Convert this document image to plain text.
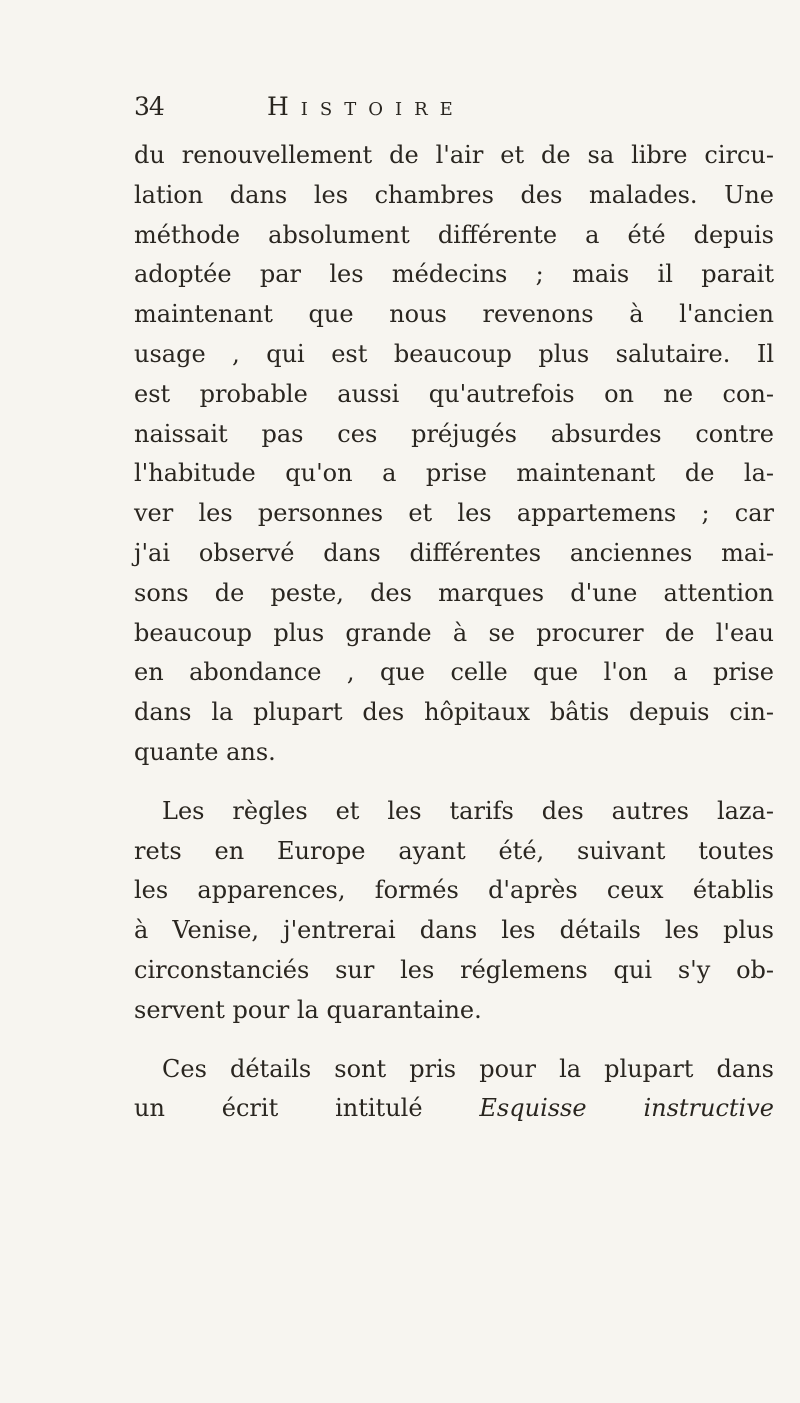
34	Histoire
du renouvellement de l'air et de sa libre circu-
lation dans les chambres des malades. Une
méthode absolument différente a été depuis
adoptée par les médecins ; mais il parait
maintenant que nous revenons à l'ancien
usage , qui est beaucoup plus salutaire. Il
est probable aussi qu'autrefois on ne con-
naissait pas ces préjugés absurdes contre
l'habitude qu'on a prise maintenant de la-
ver les personnes et les appartemens ; car
j'ai observé dans différentes anciennes mai-
sons de peste, des marques d'une attention
beaucoup plus grande à se procurer de l'eau
en abondance , que celle que l'on a prise
dans la plupart des hôpitaux bâtis depuis cin-
quante ans.
Les règles et les tarifs des autres laza-
rets en Europe ayant été, suivant toutes
les apparences, formés d'après ceux établis
à Venise, j'entrerai dans les détails les plus
circonstanciés sur les réglemens qui s'y ob-
servent pour la quarantaine.
Ces détails sont pris pour la plupart dans
un écrit intitulé Esquisse instructive
